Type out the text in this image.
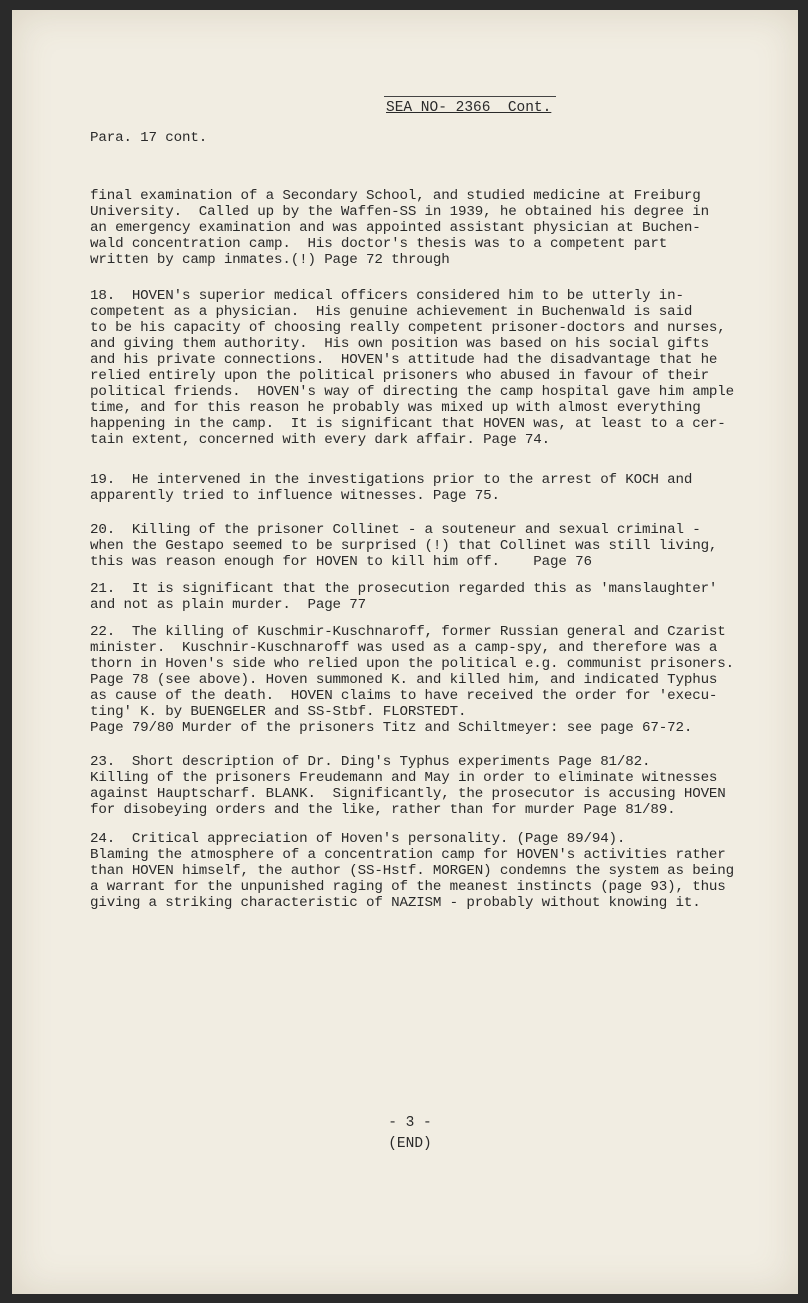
SEA NO- 2366  Cont.
Para. 17 cont.

final examination of a Secondary School, and studied medicine at Freiburg

University.  Called up by the Waffen-SS in 1939, he obtained his degree in

an emergency examination and was appointed assistant physician at Buchen-

wald concentration camp.  His doctor's thesis was to a competent part

written by camp inmates.(!) Page 72 through

18.  HOVEN's superior medical officers considered him to be utterly in-

competent as a physician.  His genuine achievement in Buchenwald is said

to be his capacity of choosing really competent prisoner-doctors and nurses,

and giving them authority.  His own position was based on his social gifts

and his private connections.  HOVEN's attitude had the disadvantage that he

relied entirely upon the political prisoners who abused in favour of their

political friends.  HOVEN's way of directing the camp hospital gave him ample

time, and for this reason he probably was mixed up with almost everything

happening in the camp.  It is significant that HOVEN was, at least to a cer-

tain extent, concerned with every dark affair. Page 74.

19.  He intervened in the investigations prior to the arrest of KOCH and

apparently tried to influence witnesses. Page 75.

20.  Killing of the prisoner Collinet - a souteneur and sexual criminal -

when the Gestapo seemed to be surprised (!) that Collinet was still living,

this was reason enough for HOVEN to kill him off.    Page 76

21.  It is significant that the prosecution regarded this as 'manslaughter'

and not as plain murder.  Page 77

22.  The killing of Kuschmir-Kuschnaroff, former Russian general and Czarist

minister.  Kuschnir-Kuschnaroff was used as a camp-spy, and therefore was a

thorn in Hoven's side who relied upon the political e.g. communist prisoners.

Page 78 (see above). Hoven summoned K. and killed him, and indicated Typhus

as cause of the death.  HOVEN claims to have received the order for 'execu-

ting' K. by BUENGELER and SS-Stbf. FLORSTEDT.

Page 79/80 Murder of the prisoners Titz and Schiltmeyer: see page 67-72.

23.  Short description of Dr. Ding's Typhus experiments Page 81/82.

Killing of the prisoners Freudemann and May in order to eliminate witnesses

against Hauptscharf. BLANK.  Significantly, the prosecutor is accusing HOVEN

for disobeying orders and the like, rather than for murder Page 81/89.

24.  Critical appreciation of Hoven's personality. (Page 89/94).

Blaming the atmosphere of a concentration camp for HOVEN's activities rather

than HOVEN himself, the author (SS-Hstf. MORGEN) condemns the system as being

a warrant for the unpunished raging of the meanest instincts (page 93), thus

giving a striking characteristic of NAZISM - probably without knowing it.

- 3 -
(END)
